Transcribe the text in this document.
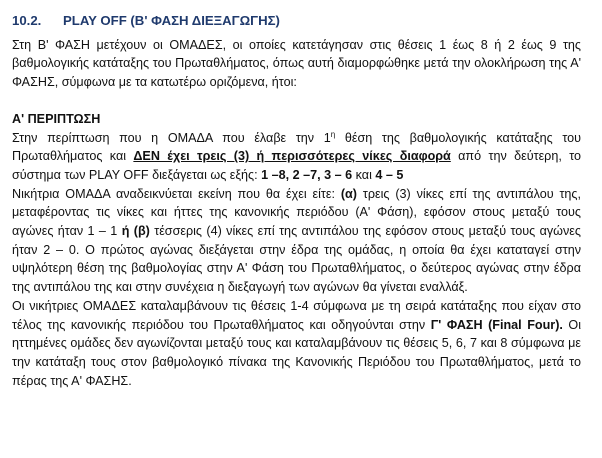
10.2. PLAY OFF (Β' ΦΑΣΗ ΔΙΕΞΑΓΩΓΗΣ)

Στη Β' ΦΑΣΗ μετέχουν οι ΟΜΑΔΕΣ, οι οποίες κατετάγησαν στις θέσεις 1 έως 8 ή 2 έως 9 της βαθμολογικής κατάταξης του Πρωταθλήματος, όπως αυτή διαμορφώθηκε μετά την ολοκλήρωση της Α' ΦΑΣΗΣ, σύμφωνα με τα κατωτέρω οριζόμενα, ήτοι:

Α' ΠΕΡΙΠΤΩΣΗ

Στην περίπτωση που η ΟΜΑΔΑ που έλαβε την $1^\eta$ θέση της βαθμολογικής κατάταξης του Πρωταθλήματος και ΔΕΝ έχει τρεις (3) ή περισσότερες νίκες διαφορά από την δεύτερη, το σύστημα των PLAY OFF διεξάγεται ως εξής: 1 –8, 2 –7, 3 – 6 και 4 – 5

Νικήτρια ΟΜΑΔΑ αναδεικνύεται εκείνη που θα έχει είτε: (α) τρεις (3) νίκες επί της αντιπάλου της, μεταφέροντας τις νίκες και ήττες της κανονικής περιόδου (Α' Φάση), εφόσον στους μεταξύ τους αγώνες ήταν 1 – 1 ή (β) τέσσερις (4) νίκες επί της αντιπάλου της εφόσον στους μεταξύ τους αγώνες ήταν 2 – 0. Ο πρώτος αγώνας διεξάγεται στην έδρα της ομάδας, η οποία θα έχει καταταγεί στην υψηλότερη θέση της βαθμολογίας στην Α' Φάση του Πρωταθλήματος, ο δεύτερος αγώνας στην έδρα της αντιπάλου της και στην συνέχεια η διεξαγωγή των αγώνων θα γίνεται εναλλάξ.

Οι νικήτριες ΟΜΑΔΕΣ καταλαμβάνουν τις θέσεις 1-4 σύμφωνα με τη σειρά κατάταξης που είχαν στο τέλος της κανονικής περιόδου του Πρωταθλήματος και οδηγούνται στην Γ' ΦΑΣΗ (Final Four). Οι ηττημένες ομάδες δεν αγωνίζονται μεταξύ τους και καταλαμβάνουν τις θέσεις 5, 6, 7 και 8 σύμφωνα με την κατάταξη τους στον βαθμολογικό πίνακα της Κανονικής Περιόδου του Πρωταθλήματος, μετά το πέρας της Α' ΦΑΣΗΣ.
